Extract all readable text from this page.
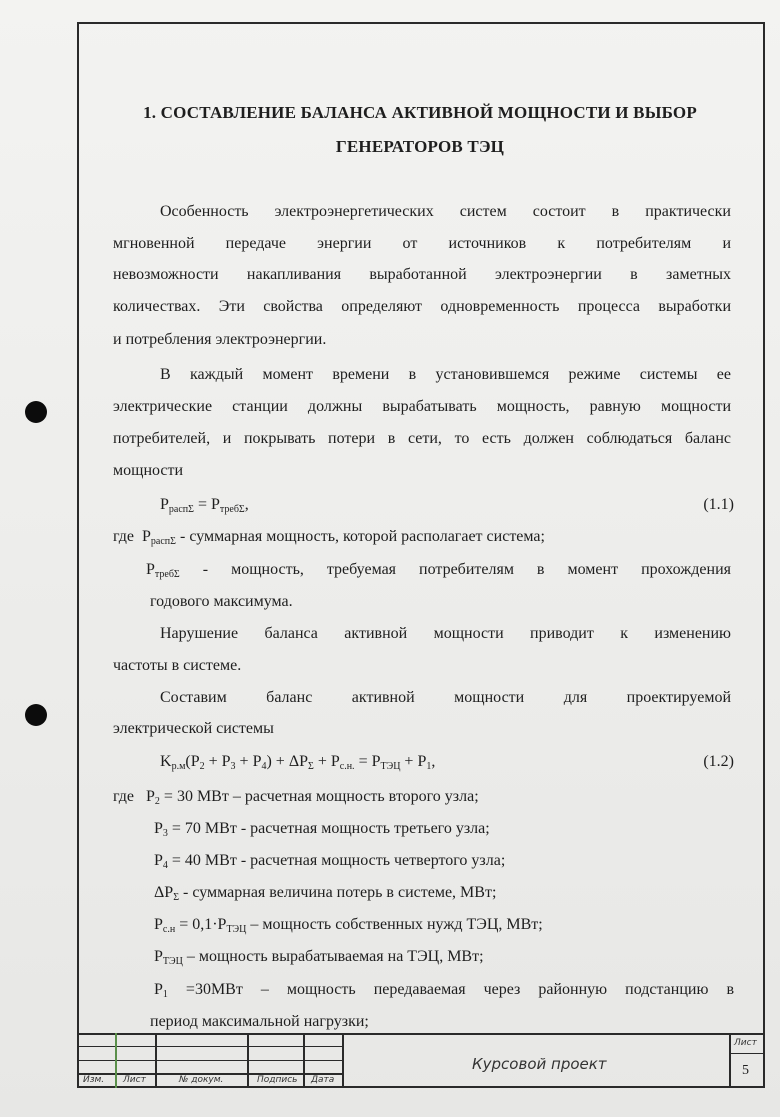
1. СОСТАВЛЕНИЕ БАЛАНСА АКТИВНОЙ МОЩНОСТИ И ВЫБОР
ГЕНЕРАТОРОВ ТЭЦ
Особенность электроэнергетических систем состоит в практически
мгновенной передаче энергии от источников к потребителям и
невозможности накапливания выработанной электроэнергии в заметных
количествах. Эти свойства определяют одновременность процесса выработки
и потребления электроэнергии.
В каждый момент времени в установившемся режиме системы ее
электрические станции должны вырабатывать мощность, равную мощности
потребителей, и покрывать потери в сети, то есть должен соблюдаться баланс
мощности
$P_{расп\Sigma} = P_{треб\Sigma}$,	(1.1)
где $P_{расп\Sigma}$ - суммарная мощность, которой располагает система;
$P_{треб\Sigma}$ - мощность, требуемая потребителям в момент прохождения
годового максимума.
Нарушение баланса активной мощности приводит к изменению
частоты в системе.
Составим баланс активной мощности для проектируемой
электрической системы
$K_{р.м}(P_2 + P_3 + P_4) + \Delta P_\Sigma + P_{с.н.} = P_{ТЭЦ} + P_1$,	(1.2)
где $P_2 = 30$ МВт – расчетная мощность второго узла;
$P_3 = 70$ МВт - расчетная мощность третьего узла;
$P_4 = 40$ МВт - расчетная мощность четвертого узла;
$\Delta P_\Sigma$ - суммарная величина потерь в системе, МВт;
$P_{с.н} = 0,1\cdot P_{ТЭЦ}$ – мощность собственных нужд ТЭЦ, МВт;
$P_{ТЭЦ}$ – мощность вырабатываемая на ТЭЦ, МВт;
$P_1 =30МВт$ – мощность передаваемая через районную подстанцию в
период максимальной нагрузки;
Изм. Лист	№ докум.	Подпись Дата
Курсовой проект
Лист
5
